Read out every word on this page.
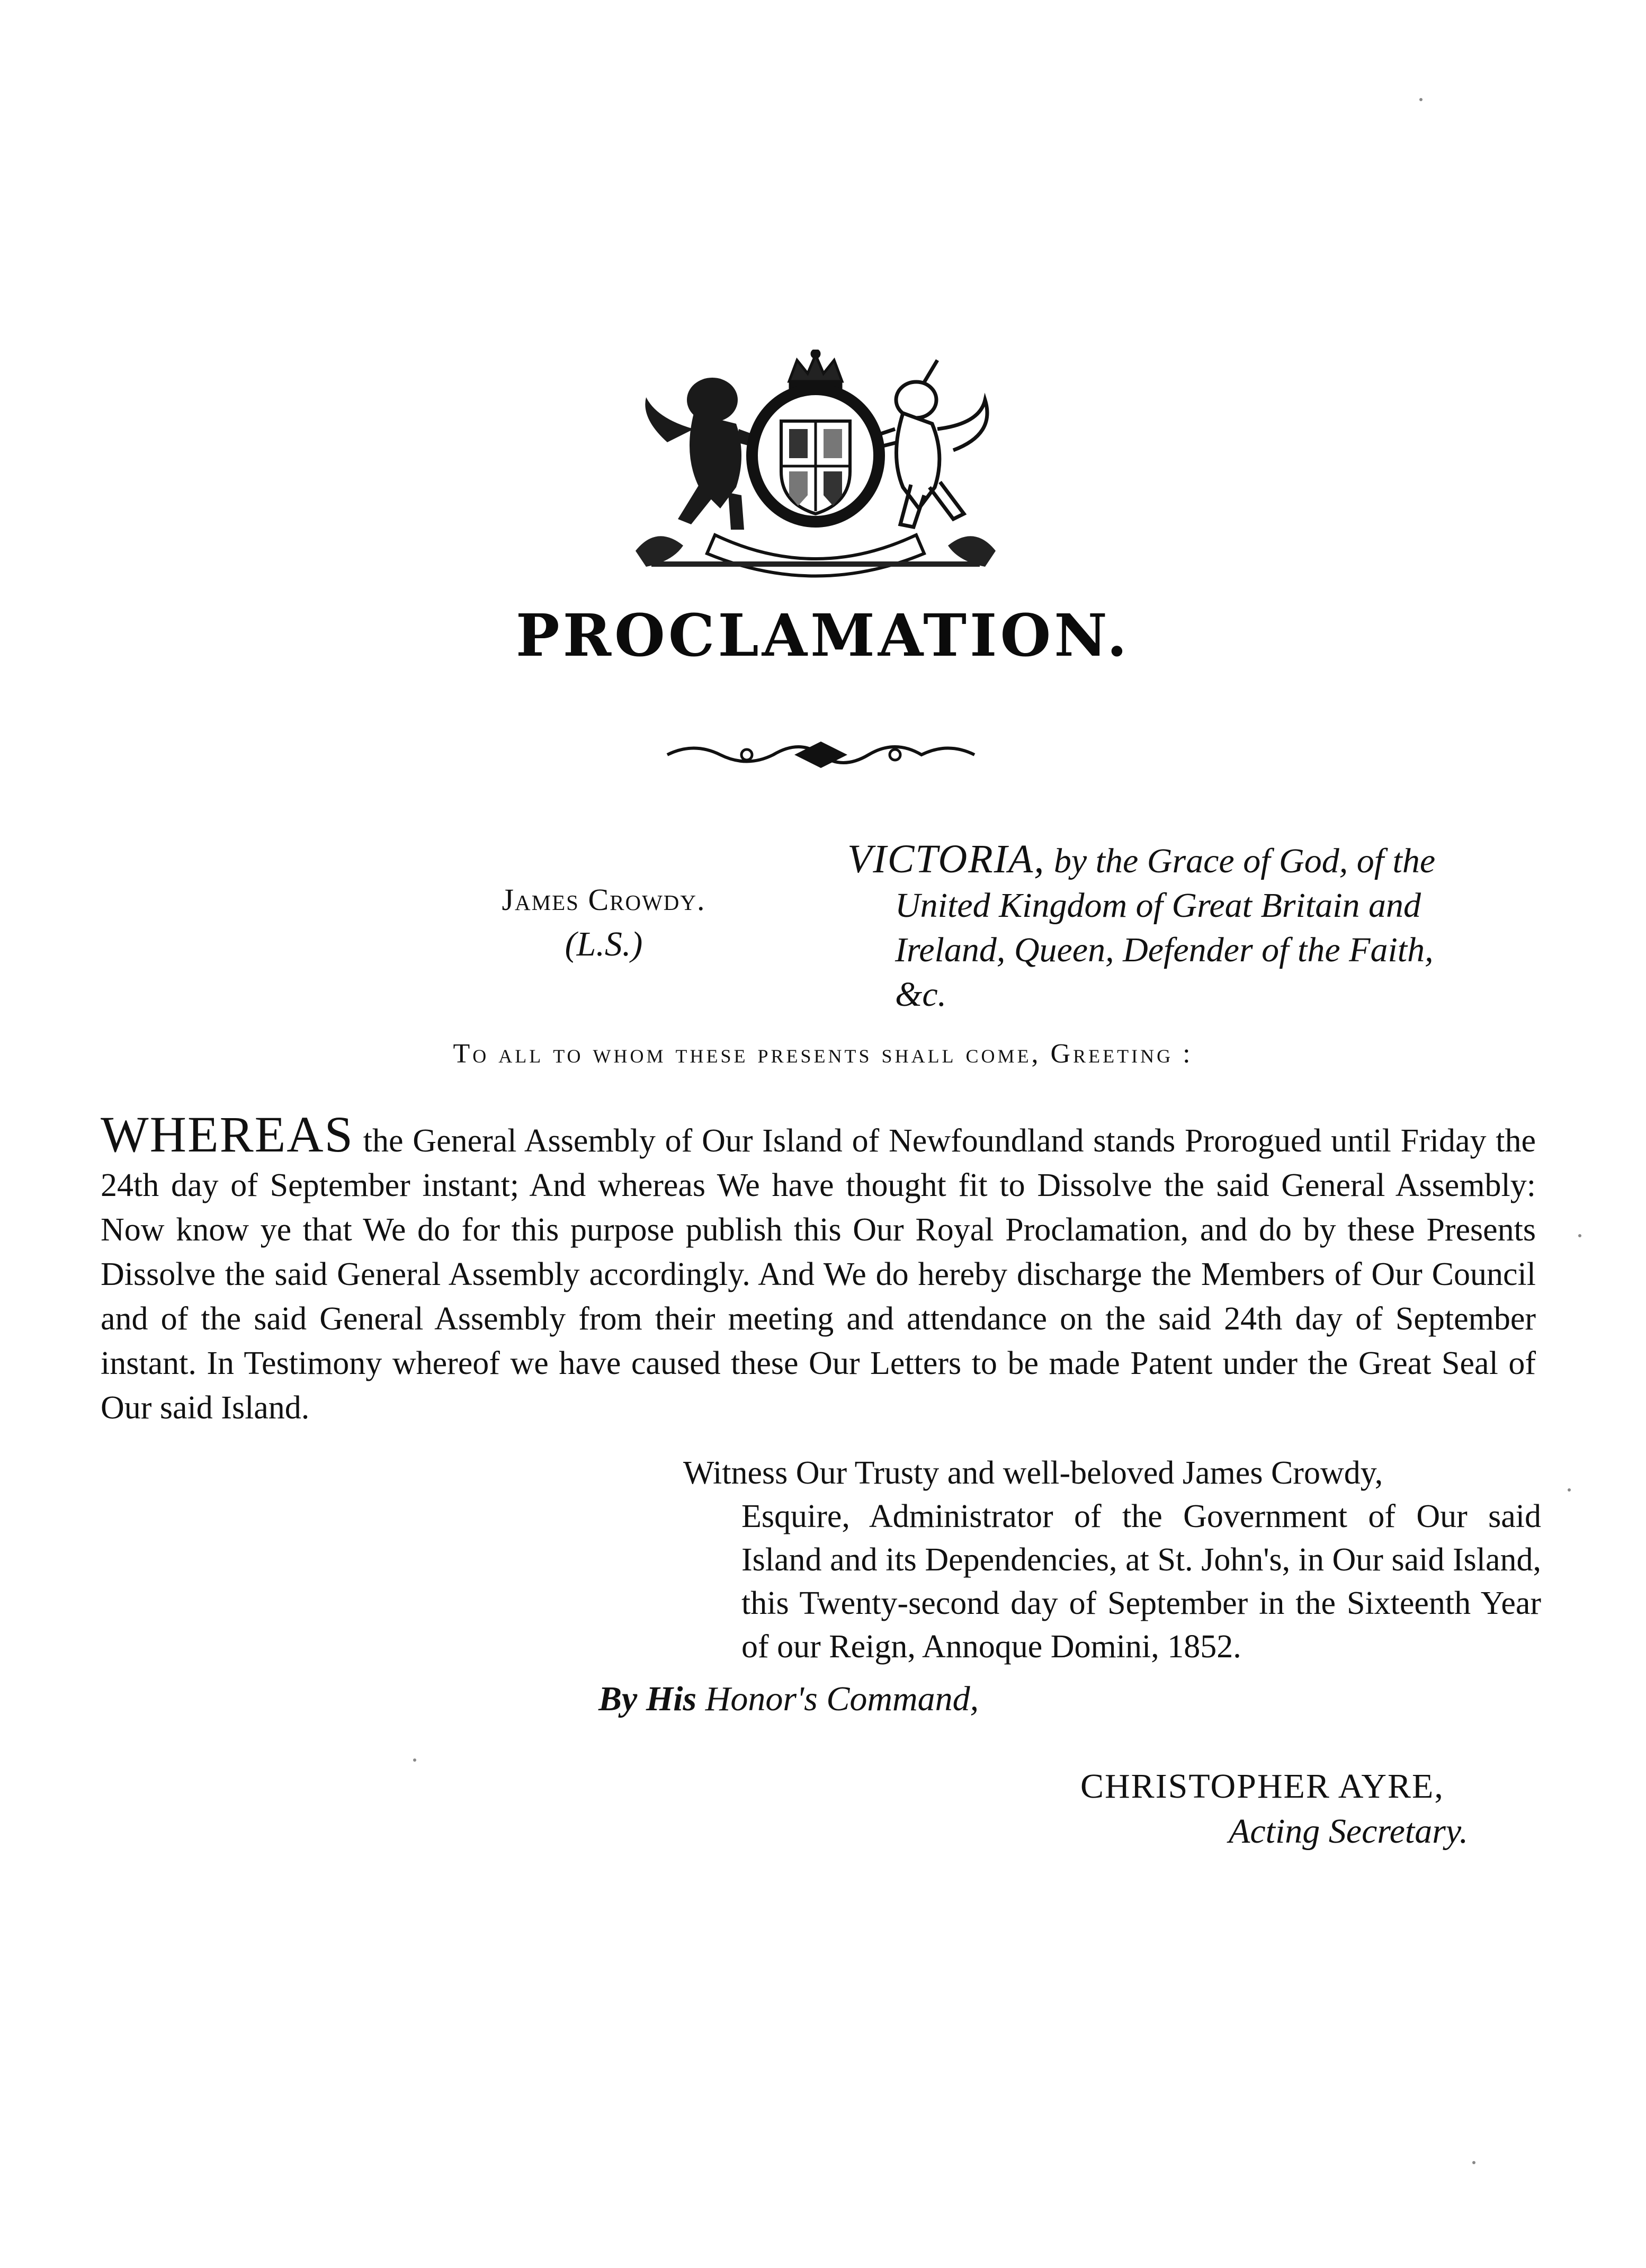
PROCLAMATION.
James Crowdy.
(L.S.)
VICTORIA, by the Grace of God, of the
United Kingdom of Great Britain and
Ireland, Queen, Defender of the Faith,
&c.
To all to whom these presents shall come, Greeting :
WHEREAS the General Assembly of Our Island of Newfoundland stands Prorogued until Friday the 24th day of September instant; And whereas We have thought fit to Dissolve the said General Assembly: Now know ye that We do for this purpose publish this Our Royal Proclamation, and do by these Presents Dissolve the said General Assembly accordingly. And We do hereby discharge the Members of Our Council and of the said General Assembly from their meeting and attendance on the said 24th day of September instant. In Testimony whereof we have caused these Our Letters to be made Patent under the Great Seal of Our said Island.
Witness Our Trusty and well-beloved James Crowdy,
Esquire, Administrator of the Government of Our said Island and its Dependencies, at St. John's, in Our said Island, this Twenty-second day of September in the Sixteenth Year of our Reign, Annoque Domini, 1852.
By His Honor's Command,
CHRISTOPHER AYRE,
Acting Secretary.
